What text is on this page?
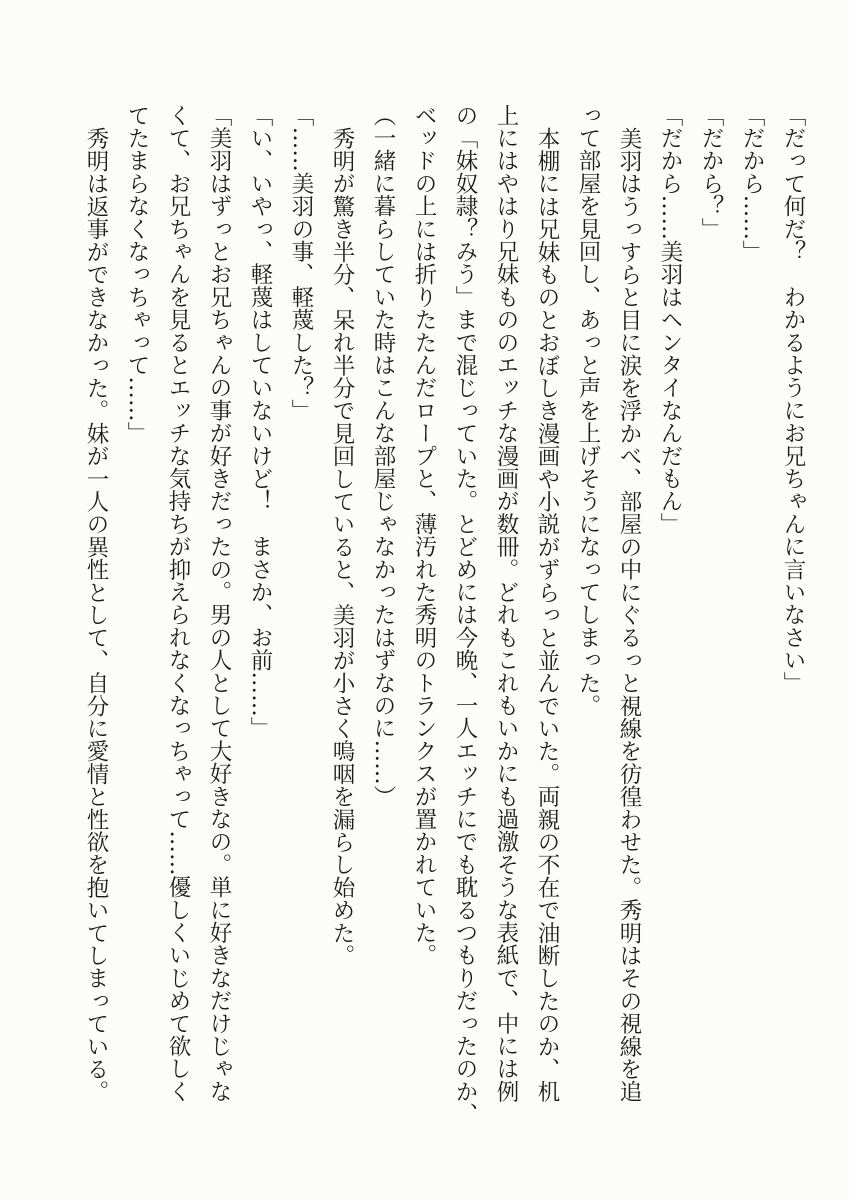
「だって何だ？　わかるようにお兄ちゃんに言いなさい」

「だから……」

「だから？」

「だから……美羽はヘンタイなんだもん」

美羽はうっすらと目に涙を浮かべ、部屋の中にぐるっと視線を彷徨わせた。秀明はその視線を追

って部屋を見回し、あっと声を上げそうになってしまった。

本棚には兄妹ものとおぼしき漫画や小説がずらっと並んでいた。両親の不在で油断したのか、机

上にはやはり兄妹もののエッチな漫画が数冊。どれもこれもいかにも過激そうな表紙で、中には例

の「妹奴隷？みう」まで混じっていた。とどめには今晩、一人エッチにでも耽るつもりだったのか、

ベッドの上には折りたたんだロープと、薄汚れた秀明のトランクスが置かれていた。

（一緒に暮らしていた時はこんな部屋じゃなかったはずなのに……）

秀明が驚き半分、呆れ半分で見回していると、美羽が小さく嗚咽を漏らし始めた。

「……美羽の事、軽蔑した？」

「い、いやっ、軽蔑はしていないけど！　まさか、お前……」

「美羽はずっとお兄ちゃんの事が好きだったの。男の人として大好きなの。単に好きなだけじゃな

くて、お兄ちゃんを見るとエッチな気持ちが抑えられなくなっちゃって……優しくいじめて欲しく

てたまらなくなっちゃって……」

秀明は返事ができなかった。妹が一人の異性として、自分に愛情と性欲を抱いてしまっている。
